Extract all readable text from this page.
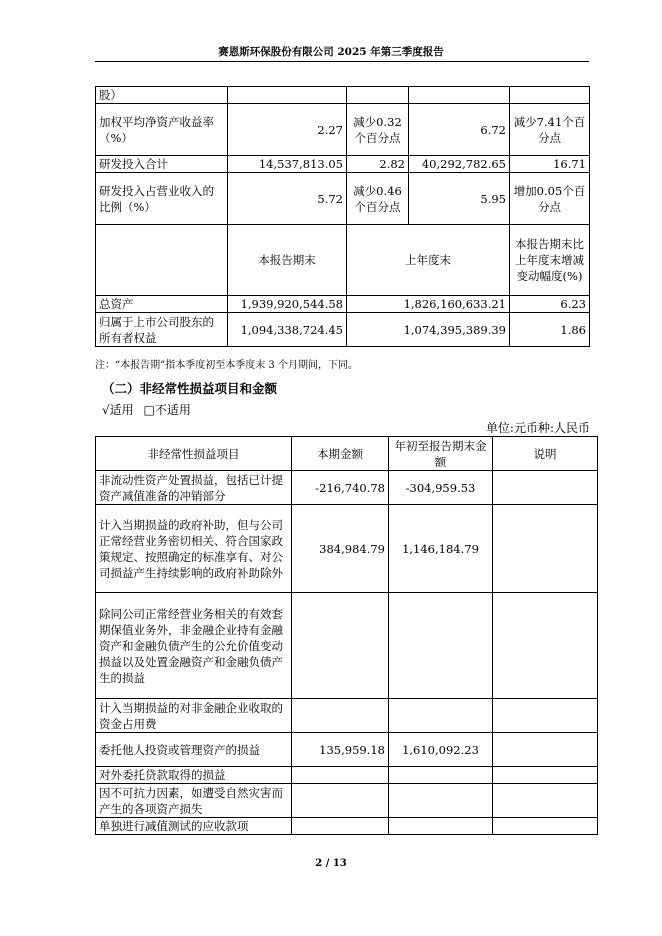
赛恩斯环保股份有限公司 2025 年第三季度报告
股）				
加权平均净资产收益率（%）	2.27	减少0.32个百分点	6.72	减少7.41个百分点
研发投入合计	14,537,813.05	2.82	40,292,782.65	16.71
研发投入占营业收入的比例（%）	5.72	减少0.46个百分点	5.95	增加0.05个百分点
	本报告期末	上年度末		本报告期末比上年度末增减变动幅度(%)
总资产	1,939,920,544.58	1,826,160,633.21		6.23
归属于上市公司股东的所有者权益	1,094,338,724.45	1,074,395,389.39		1.86
注：“本报告期”指本季度初至本季度末 3 个月期间，下同。
（二）非经常性损益项目和金额
√适用 □不适用
单位:元币种:人民币
非经常性损益项目	本期金额	年初至报告期末金额	说明
非流动性资产处置损益，包括已计提资产减值准备的冲销部分	-216,740.78	-304,959.53	
计入当期损益的政府补助，但与公司正常经营业务密切相关、符合国家政策规定、按照确定的标准享有、对公司损益产生持续影响的政府补助除外	384,984.79	1,146,184.79	
除同公司正常经营业务相关的有效套期保值业务外，非金融企业持有金融资产和金融负债产生的公允价值变动损益以及处置金融资产和金融负债产生的损益			
计入当期损益的对非金融企业收取的资金占用费			
委托他人投资或管理资产的损益	135,959.18	1,610,092.23	
对外委托贷款取得的损益			
因不可抗力因素，如遭受自然灾害而产生的各项资产损失			
单独进行减值测试的应收款项			
2 / 13
